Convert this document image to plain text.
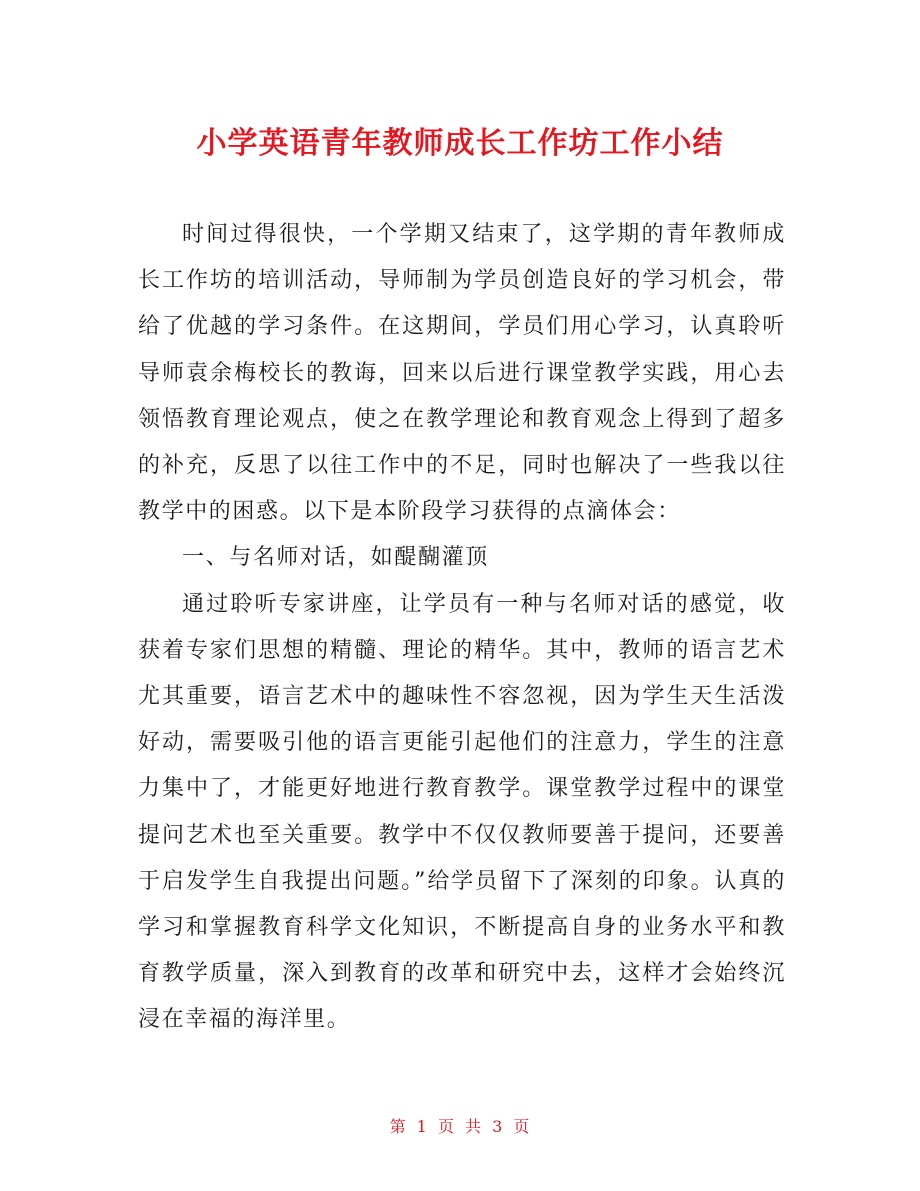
小学英语青年教师成长工作坊工作小结

时间过得很快，一个学期又结束了，这学期的青年教师成长工作坊的培训活动，导师制为学员创造良好的学习机会，带给了优越的学习条件。在这期间，学员们用心学习，认真聆听导师袁余梅校长的教诲，回来以后进行课堂教学实践，用心去领悟教育理论观点，使之在教学理论和教育观念上得到了超多的补充，反思了以往工作中的不足，同时也解决了一些我以往教学中的困惑。以下是本阶段学习获得的点滴体会：

一、与名师对话，如醍醐灌顶

通过聆听专家讲座，让学员有一种与名师对话的感觉，收获着专家们思想的精髓、理论的精华。其中，教师的语言艺术尤其重要，语言艺术中的趣味性不容忽视，因为学生天生活泼好动，需要吸引他的语言更能引起他们的注意力，学生的注意力集中了，才能更好地进行教育教学。课堂教学过程中的课堂提问艺术也至关重要。教学中不仅仅教师要善于提问，还要善于启发学生自我提出问题。”给学员留下了深刻的印象。认真的学习和掌握教育科学文化知识，不断提高自身的业务水平和教育教学质量，深入到教育的改革和研究中去，这样才会始终沉浸在幸福的海洋里。

第 1 页 共 3 页
